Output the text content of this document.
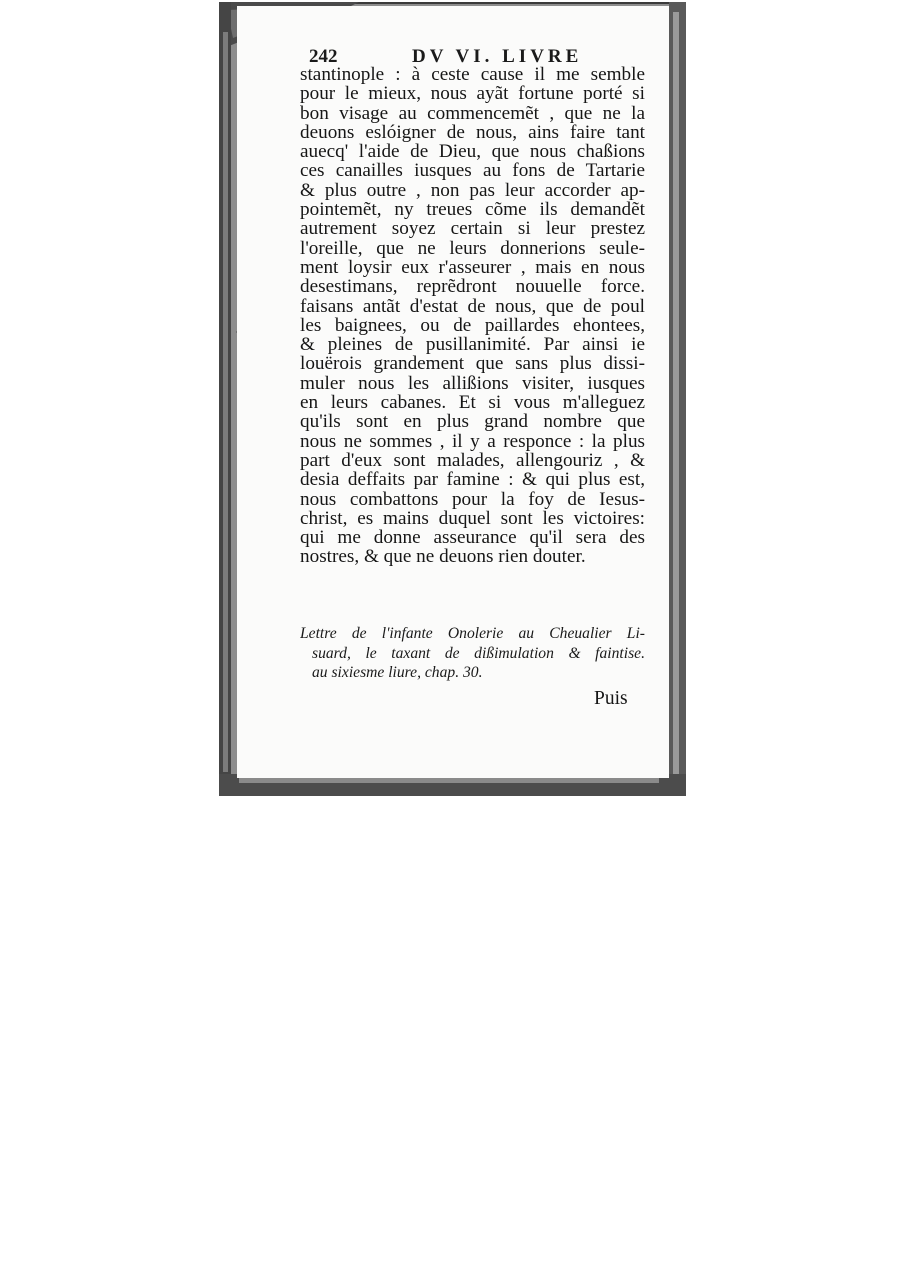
242	DV VI. LIVRE
stantinople : à ceste cause il me semble
pour le mieux, nous ayãt fortune porté si
bon visage au commencemẽt , que ne la
deuons eslóigner de nous, ains faire tant
auecq' l'aide de Dieu, que nous chaßions
ces canailles iusques au fons de Tartarie
& plus outre , non pas leur accorder ap-
pointemẽt, ny treues cõme ils demandẽt
autrement soyez certain si leur prestez
l'oreille, que ne leurs donnerions seule-
ment loysir eux r'asseurer , mais en nous
desestimans, reprẽdront nouuelle force.
faisans antãt d'estat de nous, que de poul
les baignees, ou de paillardes ehontees,
& pleines de pusillanimité. Par ainsi ie
louërois grandement que sans plus dissi-
muler nous les allißions visiter, iusques
en leurs cabanes. Et si vous m'alleguez
qu'ils sont en plus grand nombre que
nous ne sommes , il y a responce : la plus
part d'eux sont malades, allengouriz , &
desia deffaits par famine : & qui plus est,
nous combattons pour la foy de Iesus-
christ, es mains duquel sont les victoires:
qui me donne asseurance qu'il sera des
nostres, & que ne deuons rien douter.
Lettre de l'infante Onolerie au Cheualier Li-
suard, le taxant de dißimulation & faintise.
au sixiesme liure, chap. 30.
Puis
